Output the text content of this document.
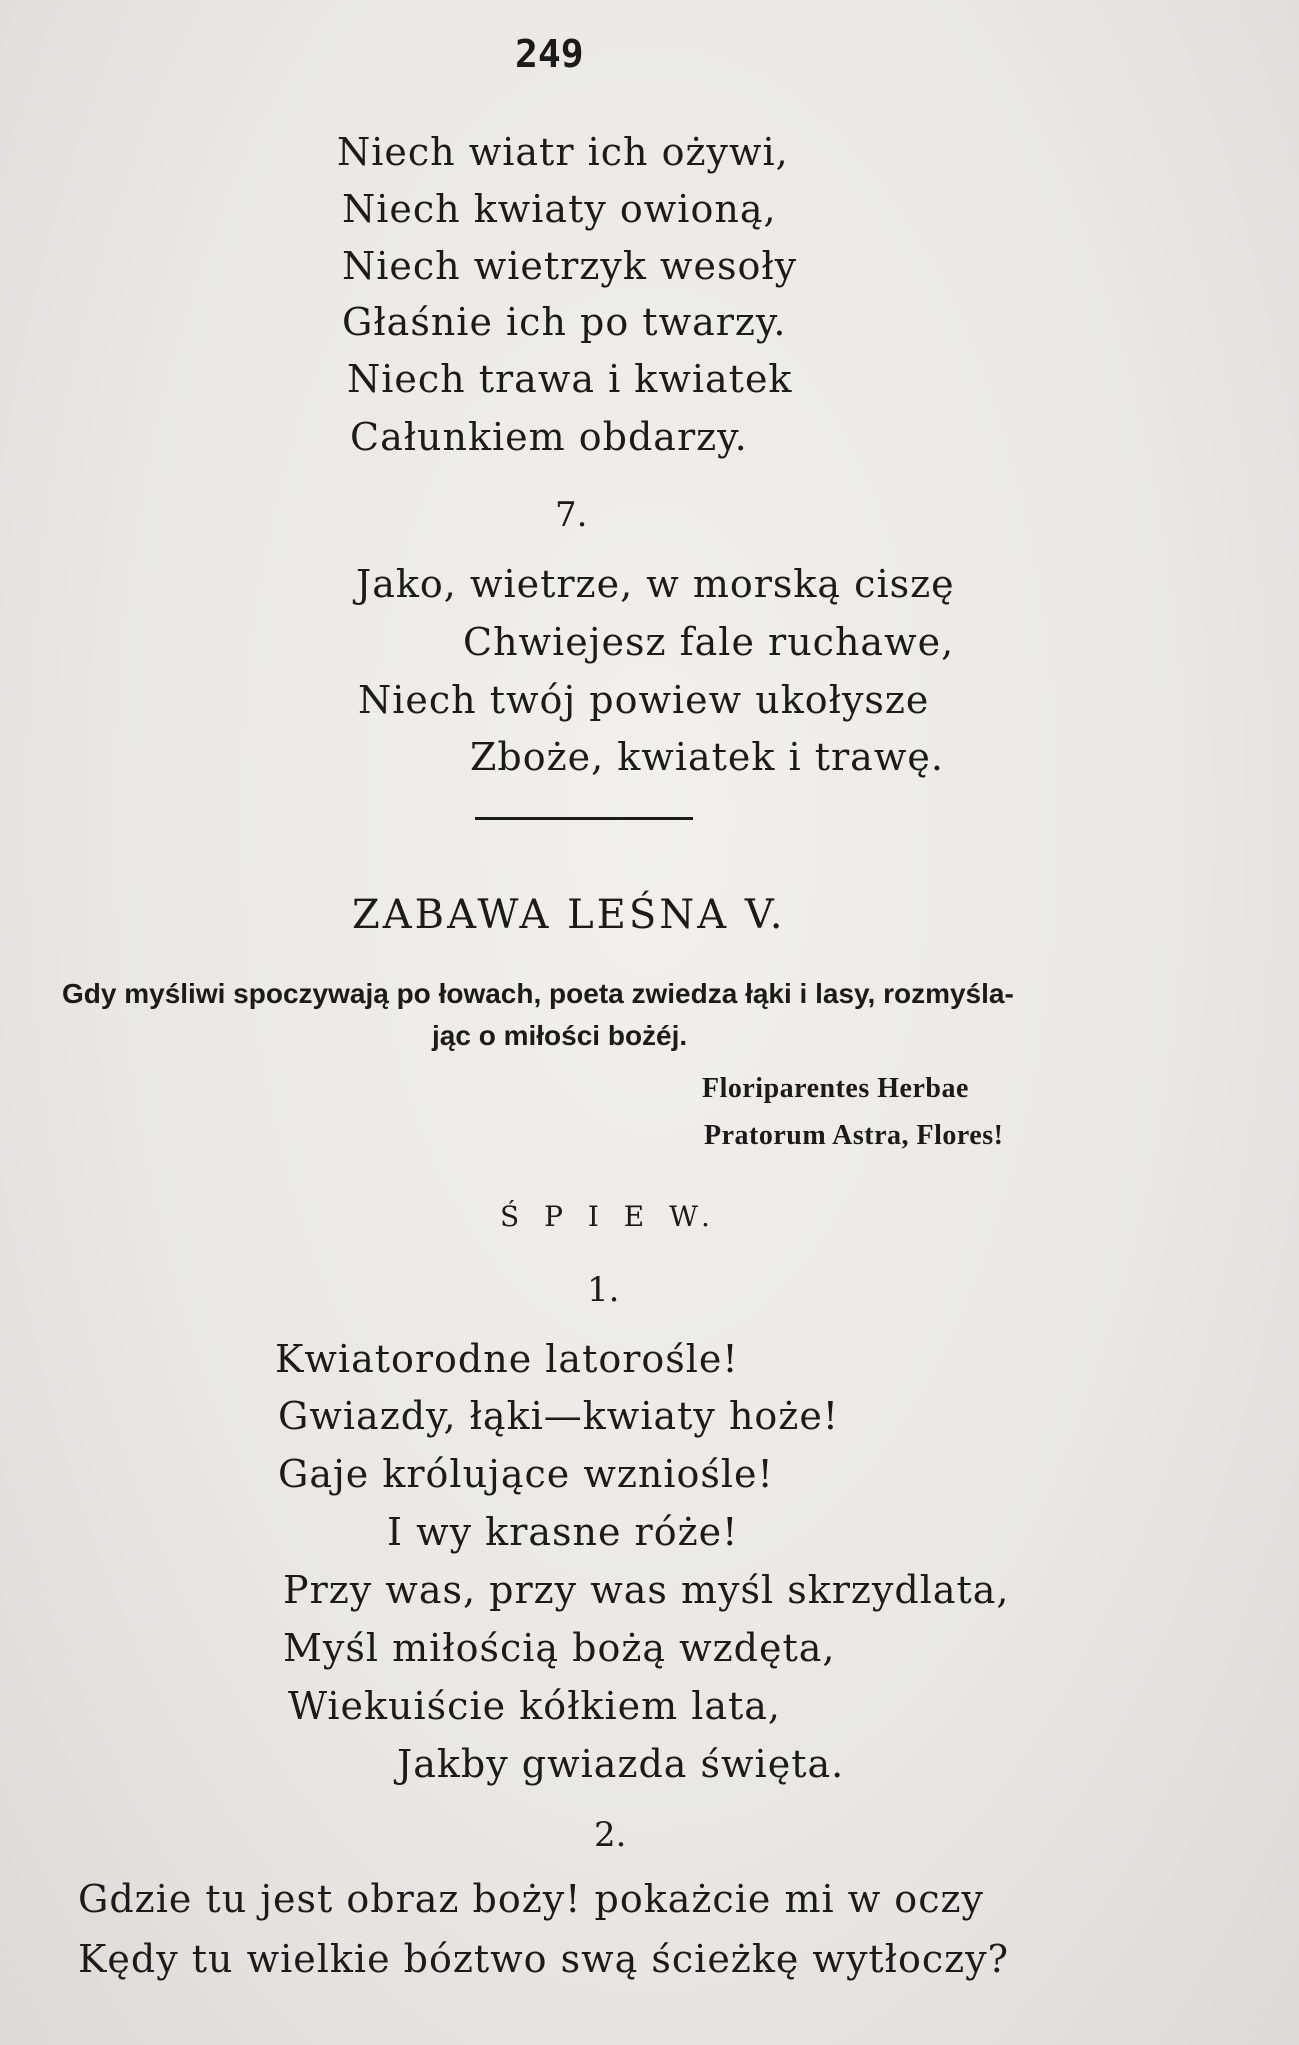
249
Niech wiatr ich ożywi,
Niech kwiaty owioną,
Niech wietrzyk wesoły
Głaśnie ich po twarzy.
Niech trawa i kwiatek
Całunkiem obdarzy.
7.
Jako, wietrze, w morską ciszę
Chwiejesz fale ruchawe,
Niech twój powiew ukołysze
Zboże, kwiatek i trawę.
ZABAWA LEŚNA V.
Gdy myśliwi spoczywają po łowach, poeta zwiedza łąki i lasy, rozmyśla-
jąc o miłości bożéj.
Floriparentes Herbae
Pratorum Astra, Flores!
Ś P I E W.
1.
Kwiatorodne latorośle!
Gwiazdy, łąki—kwiaty hoże!
Gaje królujące wzniośle!
I wy krasne róże!
Przy was, przy was myśl skrzydlata,
Myśl miłością bożą wzdęta,
Wiekuiście kółkiem lata,
Jakby gwiazda święta.
2.
Gdzie tu jest obraz boży! pokażcie mi w oczy
Kędy tu wielkie bóztwo swą ścieżkę wytłoczy?
